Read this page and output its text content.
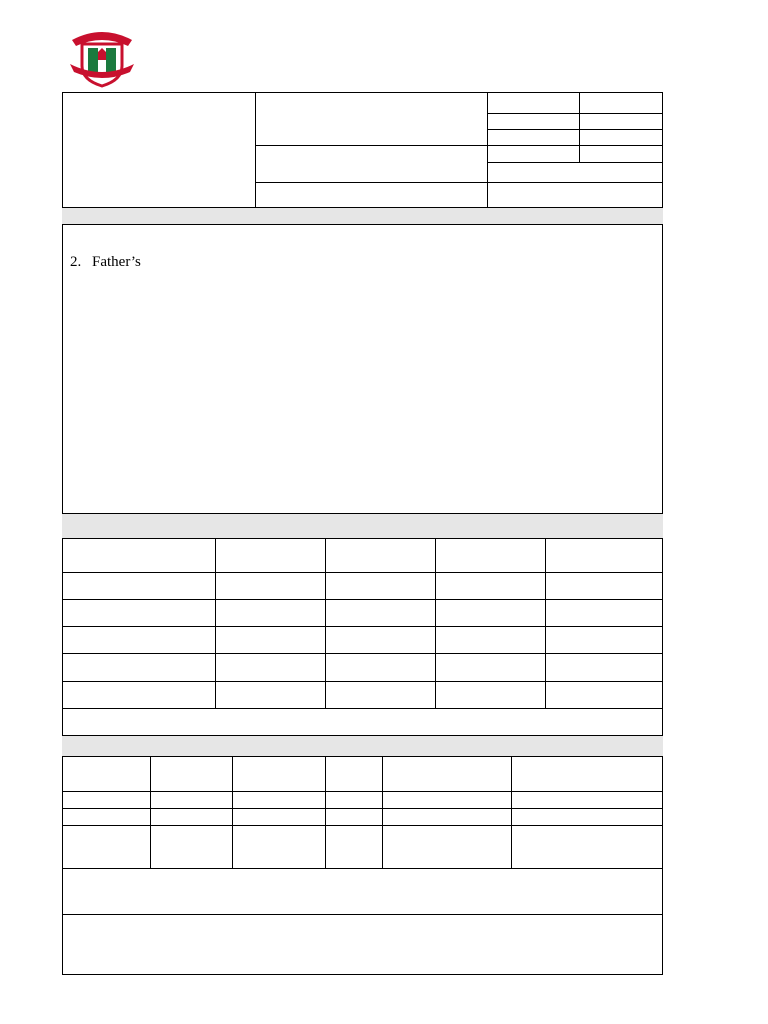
2. Father’s
